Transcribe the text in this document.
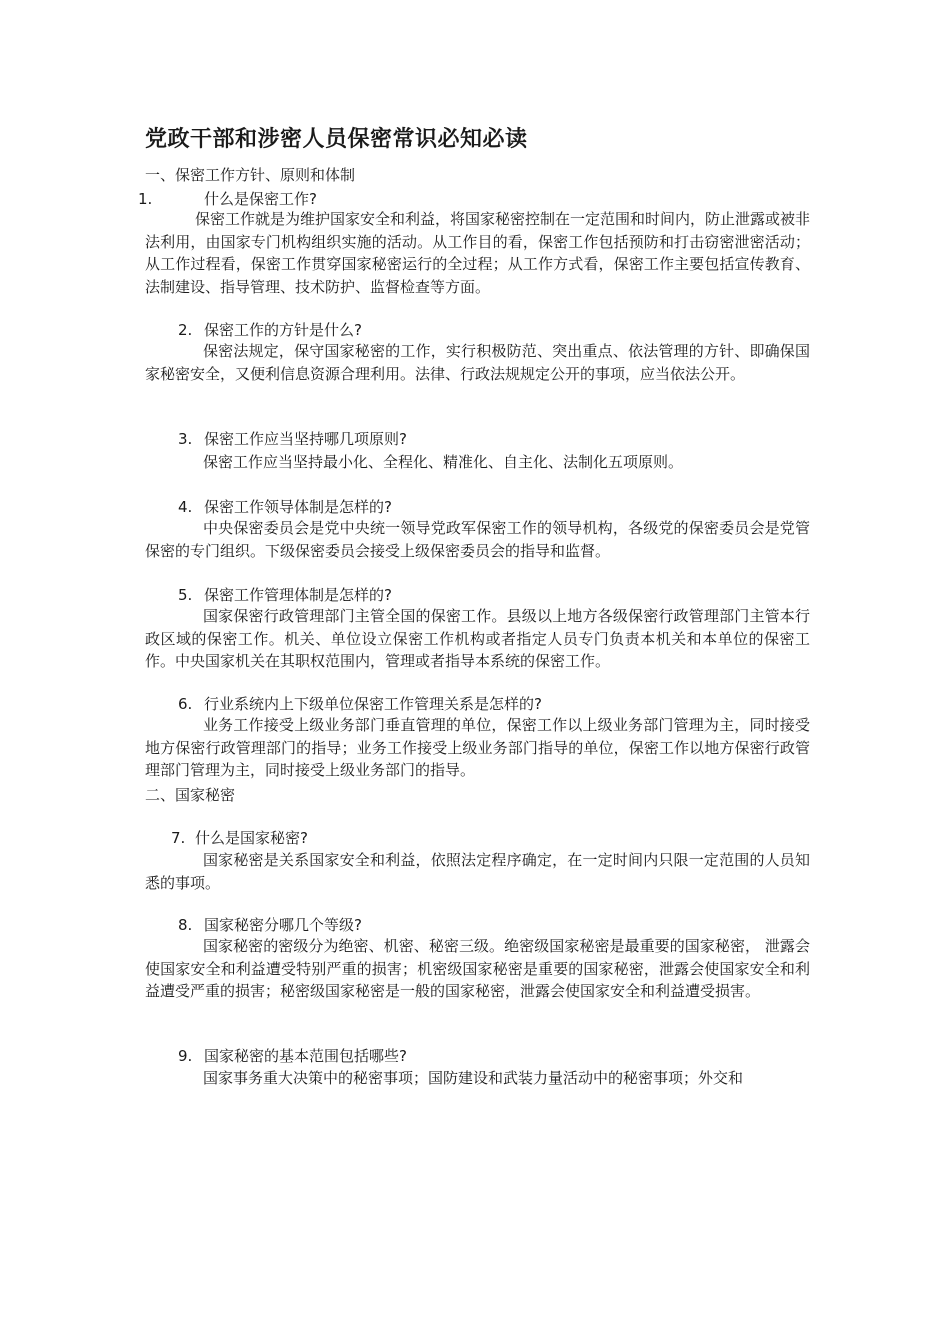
党政干部和涉密人员保密常识必知必读
一、保密工作方针、原则和体制
1.	什么是保密工作?

保密工作就是为维护国家安全和利益，将国家秘密控制在一定范围和时间内，防止泄露或被非法利用，由国家专门机构组织实施的活动。从工作目的看，保密工作包括预防和打击窃密泄密活动；从工作过程看，保密工作贯穿国家秘密运行的全过程；从工作方式看，保密工作主要包括宣传教育、法制建设、指导管理、技术防护、监督检查等方面。

2. 保密工作的方针是什么?

保密法规定，保守国家秘密的工作，实行积极防范、突出重点、依法管理的方针、即确保国家秘密安全，又便利信息资源合理利用。法律、行政法规规定公开的事项，应当依法公开。

3. 保密工作应当坚持哪几项原则?

保密工作应当坚持最小化、全程化、精准化、自主化、法制化五项原则。

4. 保密工作领导体制是怎样的?

中央保密委员会是党中央统一领导党政军保密工作的领导机构，各级党的保密委员会是党管保密的专门组织。下级保密委员会接受上级保密委员会的指导和监督。

5. 保密工作管理体制是怎样的?

国家保密行政管理部门主管全国的保密工作。县级以上地方各级保密行政管理部门主管本行政区域的保密工作。机关、单位设立保密工作机构或者指定人员专门负责本机关和本单位的保密工作。中央国家机关在其职权范围内，管理或者指导本系统的保密工作。

6. 行业系统内上下级单位保密工作管理关系是怎样的?

业务工作接受上级业务部门垂直管理的单位，保密工作以上级业务部门管理为主，同时接受地方保密行政管理部门的指导；业务工作接受上级业务部门指导的单位，保密工作以地方保密行政管理部门管理为主，同时接受上级业务部门的指导。

二、国家秘密
7. 什么是国家秘密?

国家秘密是关系国家安全和利益，依照法定程序确定，在一定时间内只限一定范围的人员知悉的事项。

8. 国家秘密分哪几个等级?

国家秘密的密级分为绝密、机密、秘密三级。绝密级国家秘密是最重要的国家秘密， 泄露会使国家安全和利益遭受特别严重的损害；机密级国家秘密是重要的国家秘密，泄露会使国家安全和利益遭受严重的损害；秘密级国家秘密是一般的国家秘密，泄露会使国家安全和利益遭受损害。

9. 国家秘密的基本范围包括哪些?

国家事务重大决策中的秘密事项；国防建设和武装力量活动中的秘密事项；外交和
